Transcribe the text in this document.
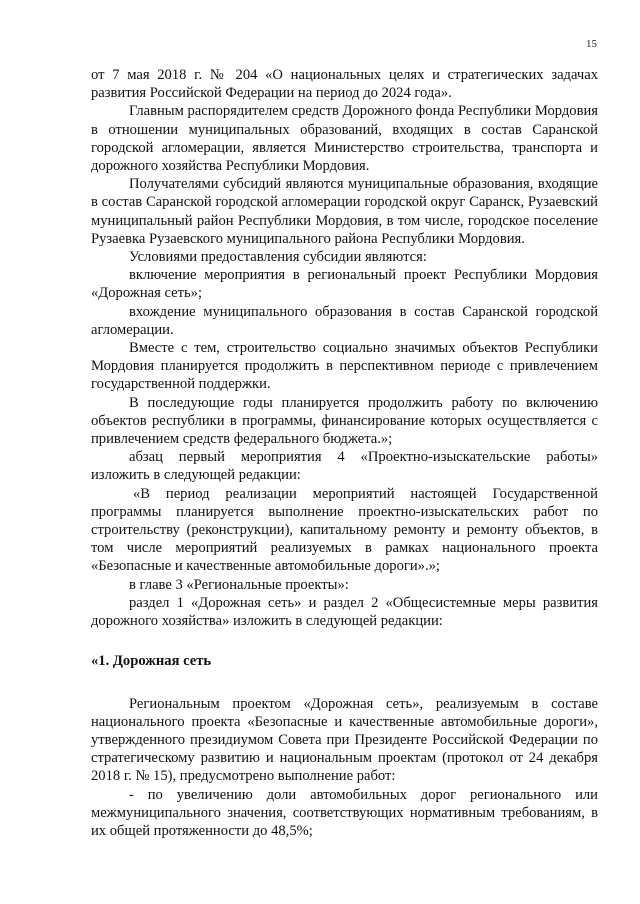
15

от 7 мая 2018 г. № 204 «О национальных целях и стратегических задачах развития Российской Федерации на период до 2024 года».

Главным распорядителем средств Дорожного фонда Республики Мордовия в отношении муниципальных образований, входящих в состав Саранской городской агломерации, является Министерство строительства, транспорта и дорожного хозяйства Республики Мордовия.

Получателями субсидий являются муниципальные образования, входящие в состав Саранской городской агломерации городской округ Саранск, Рузаевский муниципальный район Республики Мордовия, в том числе, городское поселение Рузаевка Рузаевского муниципального района Республики Мордовия.

Условиями предоставления субсидии являются:

включение мероприятия в региональный проект Республики Мордовия «Дорожная сеть»;

вхождение муниципального образования в состав Саранской городской агломерации.

Вместе с тем, строительство социально значимых объектов Республики Мордовия планируется продолжить в перспективном периоде с привлечением государственной поддержки.

В последующие годы планируется продолжить работу по включению объектов республики в программы, финансирование которых осуществляется с привлечением средств федерального бюджета.»;

абзац первый мероприятия 4 «Проектно-изыскательские работы» изложить в следующей редакции:

«В период реализации мероприятий настоящей Государственной программы планируется выполнение проектно-изыскательских работ по строительству (реконструкции), капитальному ремонту и ремонту объектов, в том числе мероприятий реализуемых в рамках национального проекта «Безопасные и качественные автомобильные дороги».»;

в главе 3 «Региональные проекты»:

раздел 1 «Дорожная сеть» и раздел 2 «Общесистемные меры развития дорожного хозяйства» изложить в следующей редакции:

«1. Дорожная сеть

Региональным проектом «Дорожная сеть», реализуемым в составе национального проекта «Безопасные и качественные автомобильные дороги», утвержденного президиумом Совета при Президенте Российской Федерации по стратегическому развитию и национальным проектам (протокол от 24 декабря 2018 г. № 15), предусмотрено выполнение работ:

- по увеличению доли автомобильных дорог регионального или межмуниципального значения, соответствующих нормативным требованиям, в их общей протяженности до 48,5%;
